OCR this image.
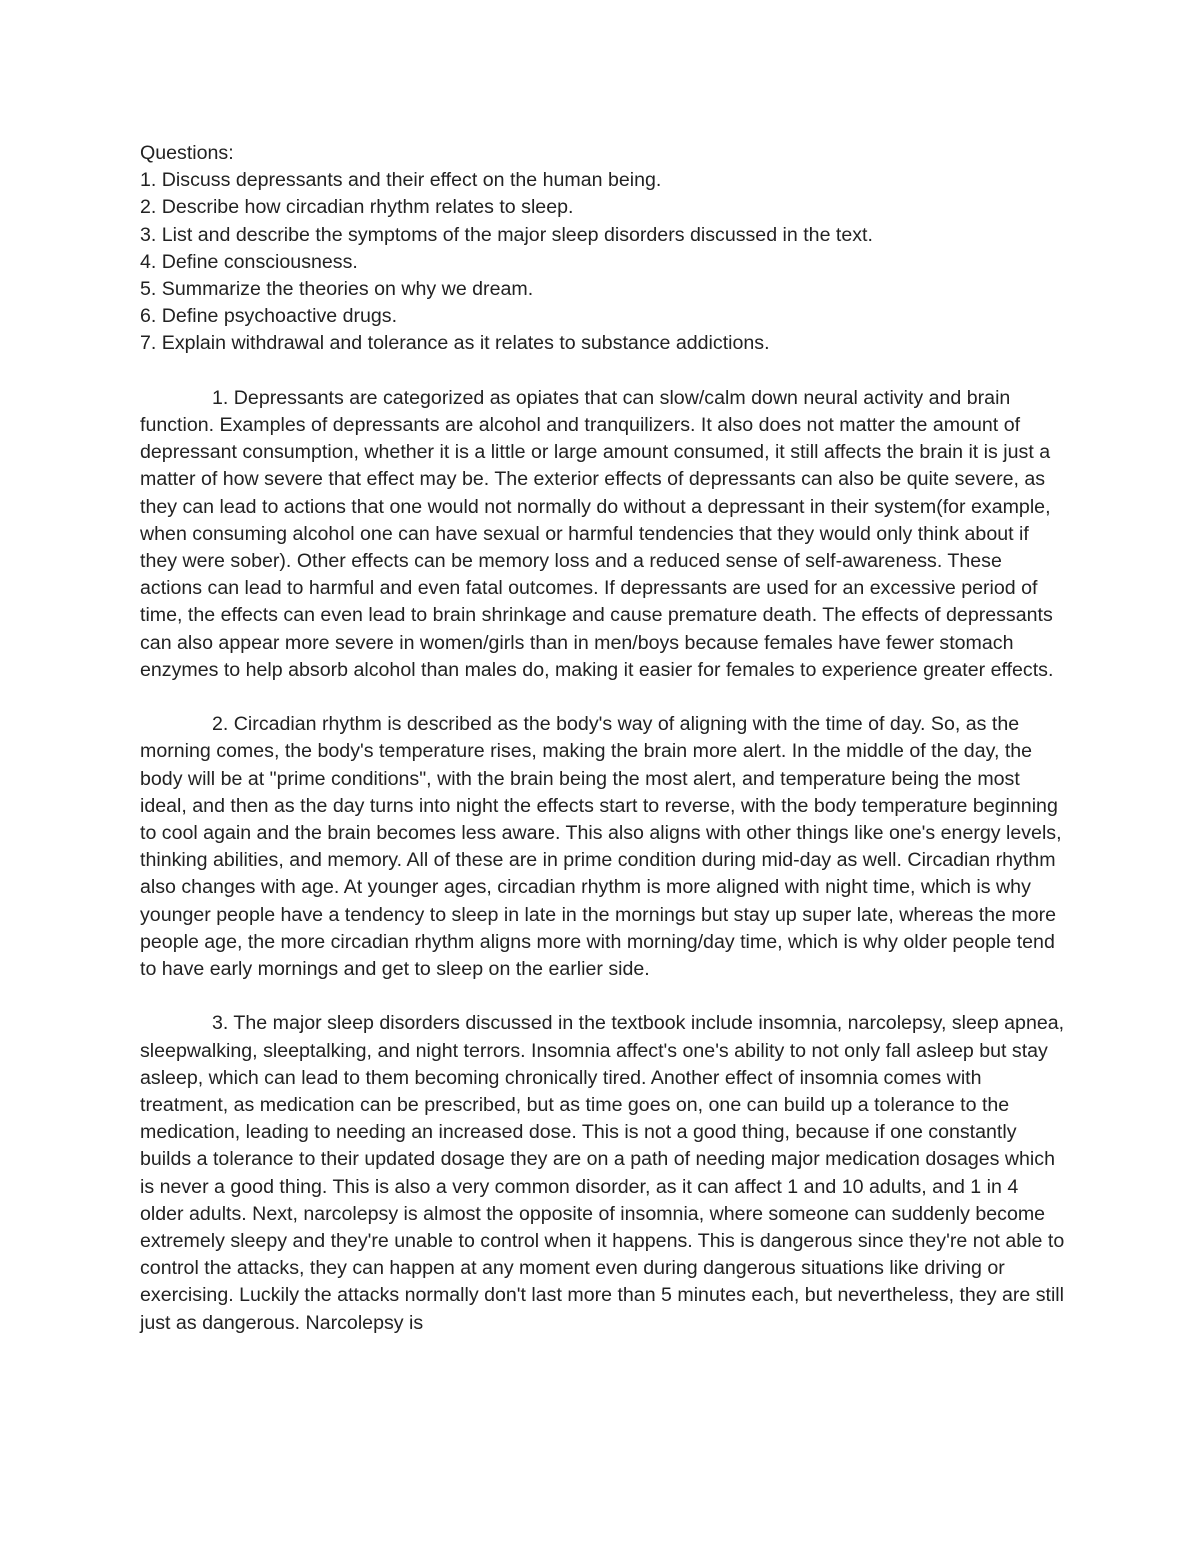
Questions:

1. Discuss depressants and their effect on the human being.
2. Describe how circadian rhythm relates to sleep.
3. List and describe the symptoms of the major sleep disorders discussed in the text.
4. Define consciousness.
5. Summarize the theories on why we dream.
6. Define psychoactive drugs.
7. Explain withdrawal and tolerance as it relates to substance addictions.

1. Depressants are categorized as opiates that can slow/calm down neural activity and brain function. Examples of depressants are alcohol and tranquilizers. It also does not matter the amount of depressant consumption, whether it is a little or large amount consumed, it still affects the brain it is just a matter of how severe that effect may be. The exterior effects of depressants can also be quite severe, as they can lead to actions that one would not normally do without a depressant in their system(for example, when consuming alcohol one can have sexual or harmful tendencies that they would only think about if they were sober). Other effects can be memory loss and a reduced sense of self-awareness. These actions can lead to harmful and even fatal outcomes. If depressants are used for an excessive period of time, the effects can even lead to brain shrinkage and cause premature death. The effects of depressants can also appear more severe in women/girls than in men/boys because females have fewer stomach enzymes to help absorb alcohol than males do, making it easier for females to experience greater effects.

2. Circadian rhythm is described as the body's way of aligning with the time of day. So, as the morning comes, the body's temperature rises, making the brain more alert. In the middle of the day, the body will be at "prime conditions", with the brain being the most alert, and temperature being the most ideal, and then as the day turns into night the effects start to reverse, with the body temperature beginning to cool again and the brain becomes less aware. This also aligns with other things like one's energy levels, thinking abilities, and memory. All of these are in prime condition during mid-day as well. Circadian rhythm also changes with age. At younger ages, circadian rhythm is more aligned with night time, which is why younger people have a tendency to sleep in late in the mornings but stay up super late, whereas the more people age, the more circadian rhythm aligns more with morning/day time, which is why older people tend to have early mornings and get to sleep on the earlier side.

3. The major sleep disorders discussed in the textbook include insomnia, narcolepsy, sleep apnea, sleepwalking, sleeptalking, and night terrors. Insomnia affect's one's ability to not only fall asleep but stay asleep, which can lead to them becoming chronically tired. Another effect of insomnia comes with treatment, as medication can be prescribed, but as time goes on, one can build up a tolerance to the medication, leading to needing an increased dose. This is not a good thing, because if one constantly builds a tolerance to their updated dosage they are on a path of needing major medication dosages which is never a good thing. This is also a very common disorder, as it can affect 1 and 10 adults, and 1 in 4 older adults. Next, narcolepsy is almost the opposite of insomnia, where someone can suddenly become extremely sleepy and they're unable to control when it happens. This is dangerous since they're not able to control the attacks, they can happen at any moment even during dangerous situations like driving or exercising. Luckily the attacks normally don't last more than 5 minutes each, but nevertheless, they are still just as dangerous. Narcolepsy is
